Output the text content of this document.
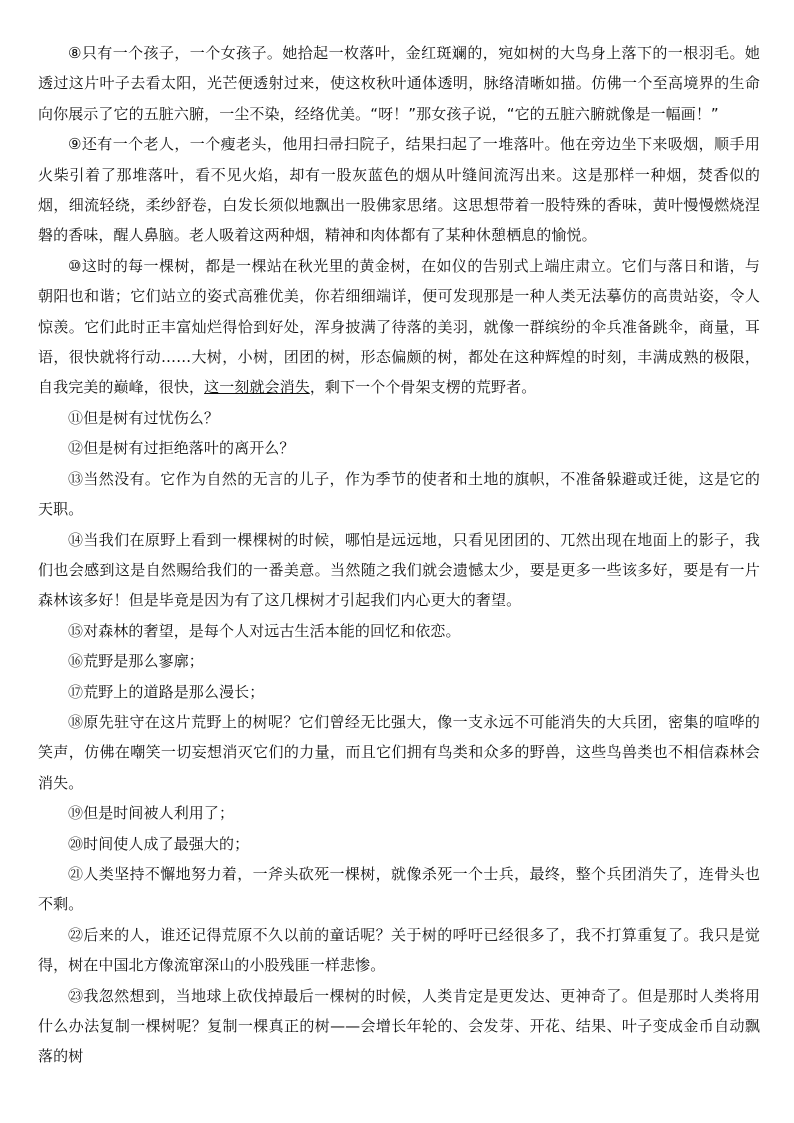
⑧只有一个孩子，一个女孩子。她拾起一枚落叶，金红斑斓的，宛如树的大鸟身上落下的一根羽毛。她透过这片叶子去看太阳，光芒便透射过来，使这枚秋叶通体透明，脉络清晰如描。仿佛一个至高境界的生命向你展示了它的五脏六腑，一尘不染，经络优美。“呀！”那女孩子说，“它的五脏六腑就像是一幅画！”

⑨还有一个老人，一个瘦老头，他用扫帚扫院子，结果扫起了一堆落叶。他在旁边坐下来吸烟，顺手用火柴引着了那堆落叶，看不见火焰，却有一股灰蓝色的烟从叶缝间流泻出来。这是那样一种烟，焚香似的烟，细流轻绕，柔纱舒卷，白发长须似地飘出一股佛家思绪。这思想带着一股特殊的香味，黄叶慢慢燃烧涅磐的香味，醒人鼻脑。老人吸着这两种烟，精神和肉体都有了某种休憩栖息的愉悦。

⑩这时的每一棵树，都是一棵站在秋光里的黄金树，在如仪的告别式上端庄肃立。它们与落日和谐，与朝阳也和谐；它们站立的姿式高雅优美，你若细细端详，便可发现那是一种人类无法摹仿的高贵站姿，令人惊羡。它们此时正丰富灿烂得恰到好处，浑身披满了待落的美羽，就像一群缤纷的伞兵准备跳伞，商量，耳语，很快就将行动……大树，小树，团团的树，形态偏颇的树，都处在这种辉煌的时刻，丰满成熟的极限，自我完美的巅峰，很快，这一刻就会消失，剩下一个个骨架支楞的荒野者。

⑪但是树有过忧伤么？

⑫但是树有过拒绝落叶的离开么？

⑬当然没有。它作为自然的无言的儿子，作为季节的使者和土地的旗帜，不准备躲避或迁徙，这是它的天职。

⑭当我们在原野上看到一棵棵树的时候，哪怕是远远地，只看见团团的、兀然出现在地面上的影子，我们也会感到这是自然赐给我们的一番美意。当然随之我们就会遗憾太少，要是更多一些该多好，要是有一片森林该多好！但是毕竟是因为有了这几棵树才引起我们内心更大的奢望。

⑮对森林的奢望，是每个人对远古生活本能的回忆和依恋。

⑯荒野是那么寥廓；

⑰荒野上的道路是那么漫长；

⑱原先驻守在这片荒野上的树呢？它们曾经无比强大，像一支永远不可能消失的大兵团，密集的喧哗的笑声，仿佛在嘲笑一切妄想消灭它们的力量，而且它们拥有鸟类和众多的野兽，这些鸟兽类也不相信森林会消失。

⑲但是时间被人利用了；

⑳时间使人成了最强大的；

㉑人类坚持不懈地努力着，一斧头砍死一棵树，就像杀死一个士兵，最终，整个兵团消失了，连骨头也不剩。

㉒后来的人，谁还记得荒原不久以前的童话呢？关于树的呼吁已经很多了，我不打算重复了。我只是觉得，树在中国北方像流窜深山的小股残匪一样悲惨。

㉓我忽然想到，当地球上砍伐掉最后一棵树的时候，人类肯定是更发达、更神奇了。但是那时人类将用什么办法复制一棵树呢？复制一棵真正的树——会增长年轮的、会发芽、开花、结果、叶子变成金币自动飘落的树
